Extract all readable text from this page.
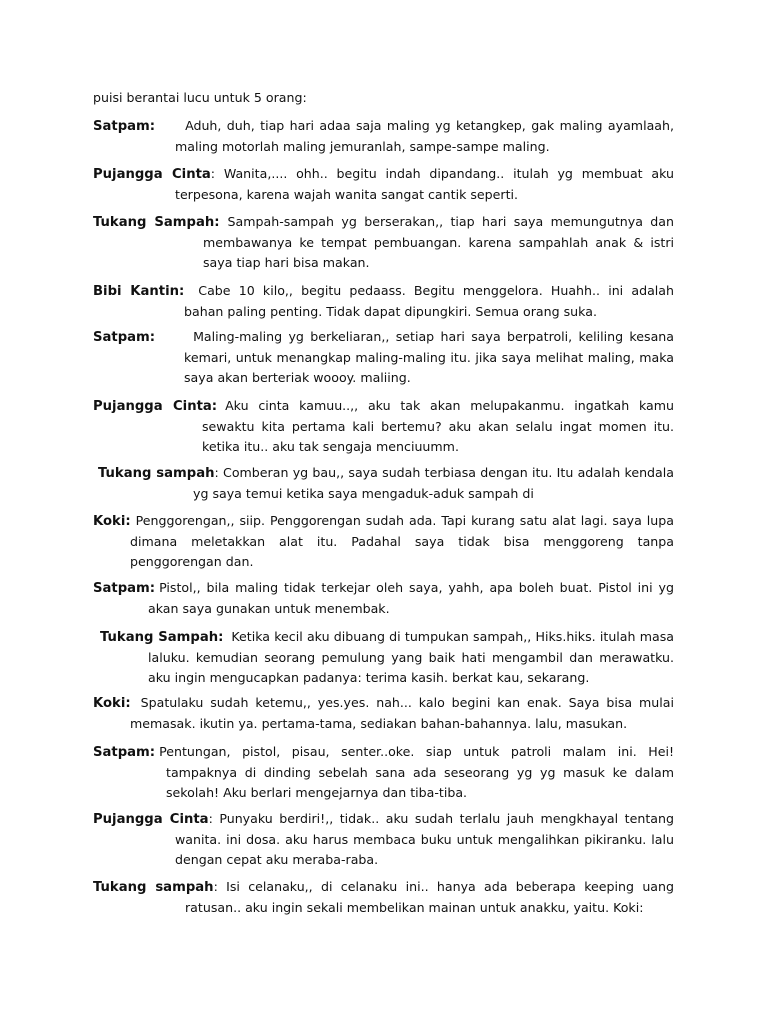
puisi berantai lucu untuk 5 orang:
Satpam: Aduh, duh, tiap hari adaa saja maling yg ketangkep, gak maling ayamlaah, maling motorlah maling jemuranlah, sampe-sampe maling.
Pujangga Cinta: Wanita,.... ohh.. begitu indah dipandang.. itulah yg membuat aku terpesona, karena wajah wanita sangat cantik seperti.
Tukang Sampah: Sampah-sampah yg berserakan,, tiap hari saya memungutnya dan membawanya ke tempat pembuangan. karena sampahlah anak & istri saya tiap hari bisa makan.
Bibi Kantin: Cabe 10 kilo,, begitu pedaass. Begitu menggelora. Huahh.. ini adalah bahan paling penting. Tidak dapat dipungkiri. Semua orang suka.
Satpam:	Maling-maling yg berkeliaran,, setiap hari saya berpatroli, keliling kesana kemari, untuk menangkap maling-maling itu. jika saya melihat maling, maka saya akan berteriak woooy. maliing.
Pujangga Cinta: Aku cinta kamuu..,, aku tak akan melupakanmu. ingatkah kamu sewaktu kita pertama kali bertemu? aku akan selalu ingat momen itu. ketika itu.. aku tak sengaja menciuumm.
Tukang sampah: Comberan yg bau,, saya sudah terbiasa dengan itu. Itu adalah kendala yg saya temui ketika saya mengaduk-aduk sampah di
Koki: Penggorengan,, siip. Penggorengan sudah ada. Tapi kurang satu alat lagi. saya lupa dimana meletakkan alat itu. Padahal saya tidak bisa menggoreng tanpa penggorengan dan.
Satpam: Pistol,, bila maling tidak terkejar oleh saya, yahh, apa boleh buat. Pistol ini yg akan saya gunakan untuk menembak.
Tukang Sampah: Ketika kecil aku dibuang di tumpukan sampah,, Hiks.hiks. itulah masa laluku. kemudian seorang pemulung yang baik hati mengambil dan merawatku. aku ingin mengucapkan padanya: terima kasih. berkat kau, sekarang.
Koki: Spatulaku sudah ketemu,, yes.yes. nah... kalo begini kan enak. Saya bisa mulai memasak. ikutin ya. pertama-tama, sediakan bahan-bahannya. lalu, masukan.
Satpam: Pentungan, pistol, pisau, senter..oke. siap untuk patroli malam ini. Hei! tampaknya di dinding sebelah sana ada seseorang yg yg masuk ke dalam sekolah! Aku berlari mengejarnya dan tiba-tiba.
Pujangga Cinta: Punyaku berdiri!,, tidak.. aku sudah terlalu jauh mengkhayal tentang wanita. ini dosa. aku harus membaca buku untuk mengalihkan pikiranku. lalu dengan cepat aku meraba-raba.
Tukang sampah: Isi celanaku,, di celanaku ini.. hanya ada beberapa keeping uang ratusan.. aku ingin sekali membelikan mainan untuk anakku, yaitu. Koki:
